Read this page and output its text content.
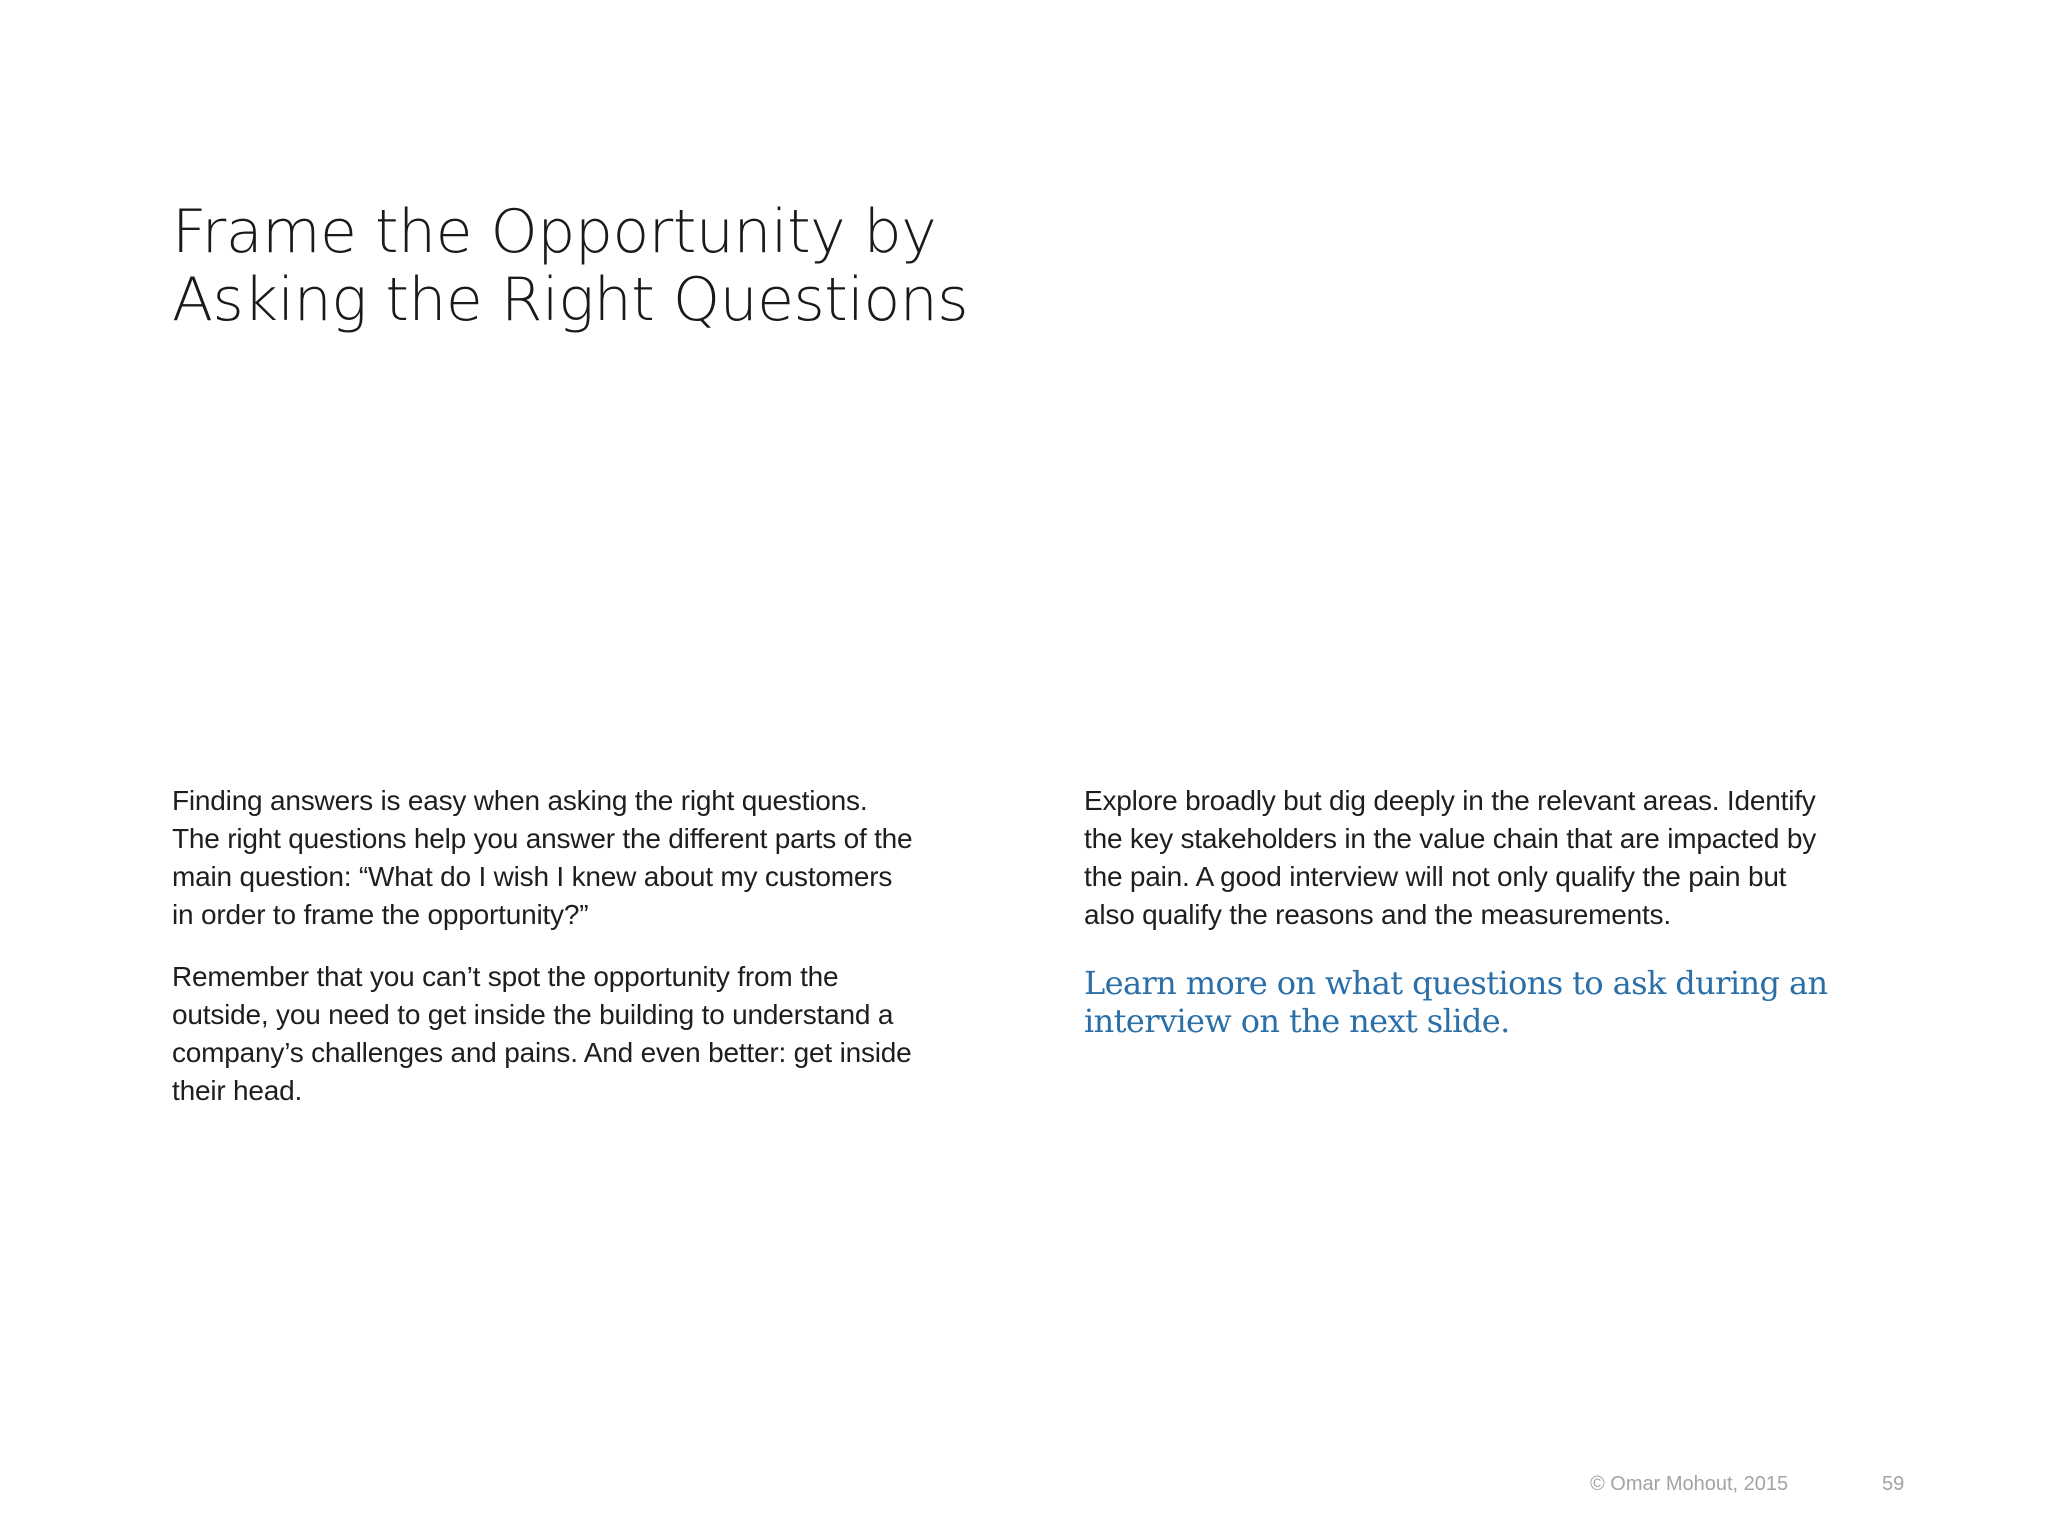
Frame the Opportunity by
Asking the Right Questions

Finding answers is easy when asking the right questions.
The right questions help you answer the different parts of the
main question: “What do I wish I knew about my customers
in order to frame the opportunity?”

Remember that you can’t spot the opportunity from the
outside, you need to get inside the building to understand a
company’s challenges and pains. And even better: get inside
their head.

Explore broadly but dig deeply in the relevant areas. Identify
the key stakeholders in the value chain that are impacted by
the pain. A good interview will not only qualify the pain but
also qualify the reasons and the measurements.

Learn more on what questions to ask during an
interview on the next slide.

© Omar Mohout, 2015	59
